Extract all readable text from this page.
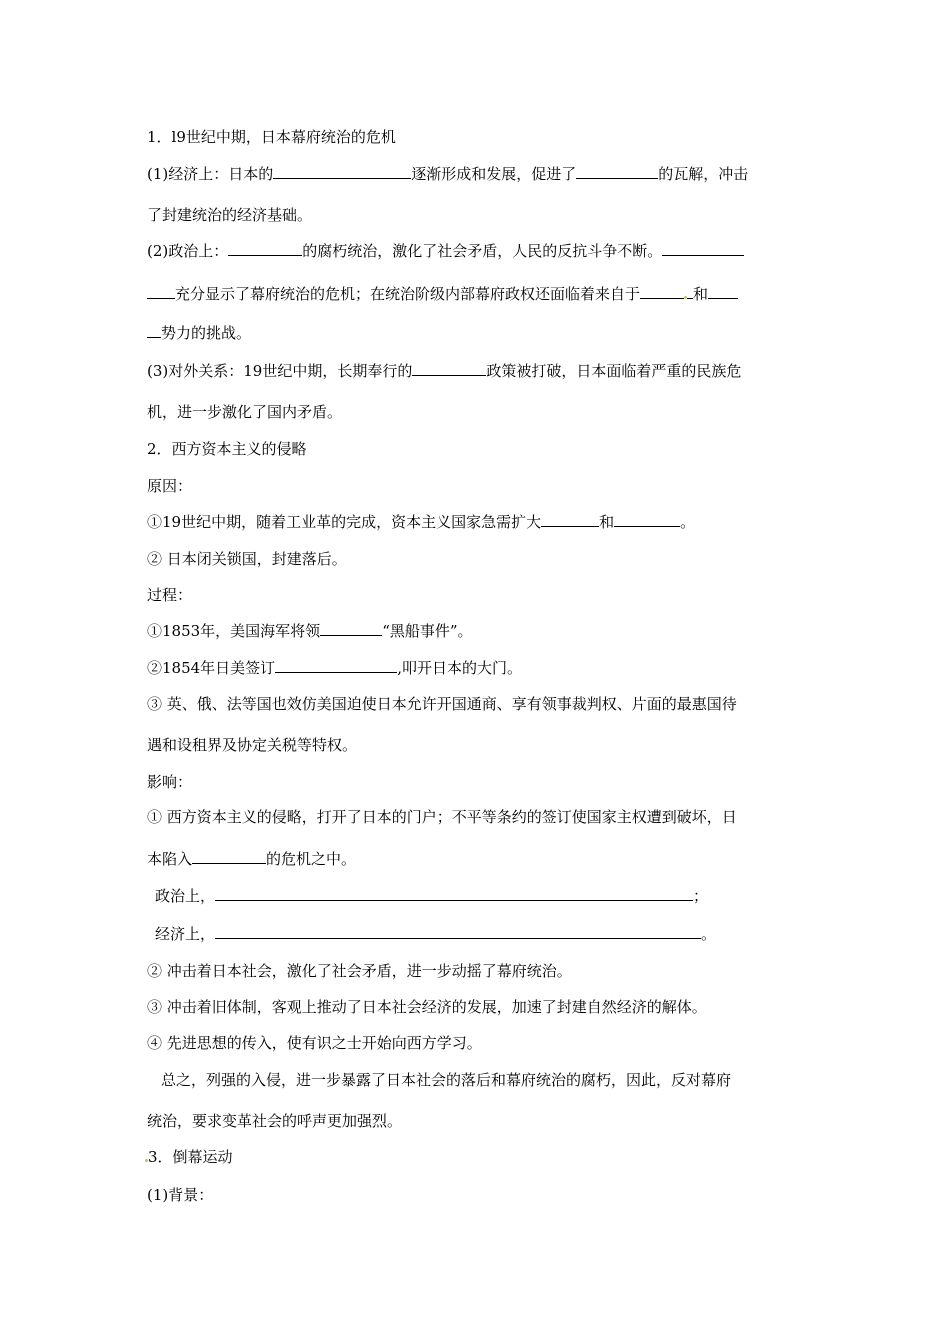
1．l9世纪中期，日本幕府统治的危机
(1)经济上：日本的	逐渐形成和发展，促进了	的瓦解，冲击
了封建统治的经济基础。
(2)政治上：	的腐朽统治，激化了社会矛盾，人民的反抗斗争不断。
充分显示了幕府统治的危机；在统治阶级内部幕府政权还面临着来自于	和
势力的挑战。
(3)对外关系：19世纪中期，长期奉行的	政策被打破，日本面临着严重的民族危
机，进一步激化了国内矛盾。
2．西方资本主义的侵略
原因：
①19世纪中期，随着工业革的完成，资本主义国家急需扩大	和	。
② 日本闭关锁国，封建落后。
过程：
①1853年，美国海军将领	“黑船事件”。
②1854年日美签订	,叩开日本的大门。
③ 英、俄、法等国也效仿美国迫使日本允许开国通商、享有领事裁判权、片面的最惠国待
遇和设租界及协定关税等特权。
影响：
① 西方资本主义的侵略，打开了日本的门户；不平等条约的签订使国家主权遭到破坏，日
本陷入	的危机之中。
政治上，	；
经济上，	。
② 冲击着日本社会，激化了社会矛盾，进一步动摇了幕府统治。
③ 冲击着旧体制，客观上推动了日本社会经济的发展，加速了封建自然经济的解体。
④ 先进思想的传入，使有识之士开始向西方学习。
总之，列强的入侵，进一步暴露了日本社会的落后和幕府统治的腐朽，因此，反对幕府
统治，要求变革社会的呼声更加强烈。
3．倒幕运动
(1)背景：
